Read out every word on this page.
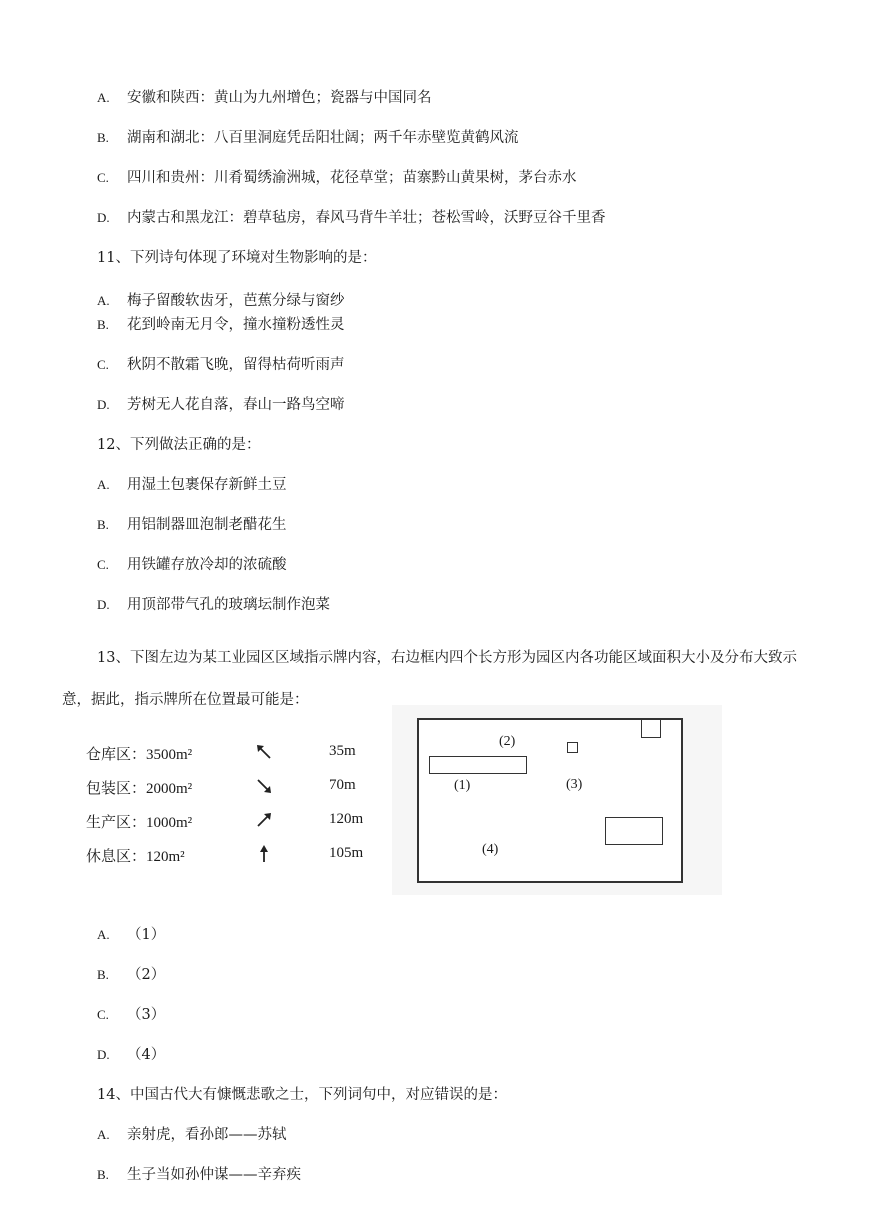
A. 安徽和陕西：黄山为九州增色；瓷器与中国同名
B. 湖南和湖北：八百里洞庭凭岳阳壮阔；两千年赤壁览黄鹤风流
C. 四川和贵州：川肴蜀绣渝洲城，花径草堂；苗寨黔山黄果树，茅台赤水
D. 内蒙古和黑龙江：碧草毡房，春风马背牛羊壮；苍松雪岭，沃野豆谷千里香
11、下列诗句体现了环境对生物影响的是：
A. 梅子留酸软齿牙，芭蕉分绿与窗纱
B. 花到岭南无月令，撞水撞粉透性灵
C. 秋阴不散霜飞晚，留得枯荷听雨声
D. 芳树无人花自落，春山一路鸟空啼
12、下列做法正确的是：
A. 用湿土包裹保存新鲜土豆
B. 用铝制器皿泡制老醋花生
C. 用铁罐存放冷却的浓硫酸
D. 用顶部带气孔的玻璃坛制作泡菜
13、下图左边为某工业园区区域指示牌内容，右边框内四个长方形为园区内各功能区域面积大小及分布大致示意，据此，指示牌所在位置最可能是：
仓库区：3500m²	35m
包装区：2000m²	70m
生产区：1000m²	120m
休息区：120m²	105m
(2)
(1)	(3)
(4)
A. （1）
B. （2）
C. （3）
D. （4）
14、中国古代大有慷慨悲歌之士，下列词句中，对应错误的是：
A. 亲射虎，看孙郎——苏轼
B. 生子当如孙仲谋——辛弃疾
